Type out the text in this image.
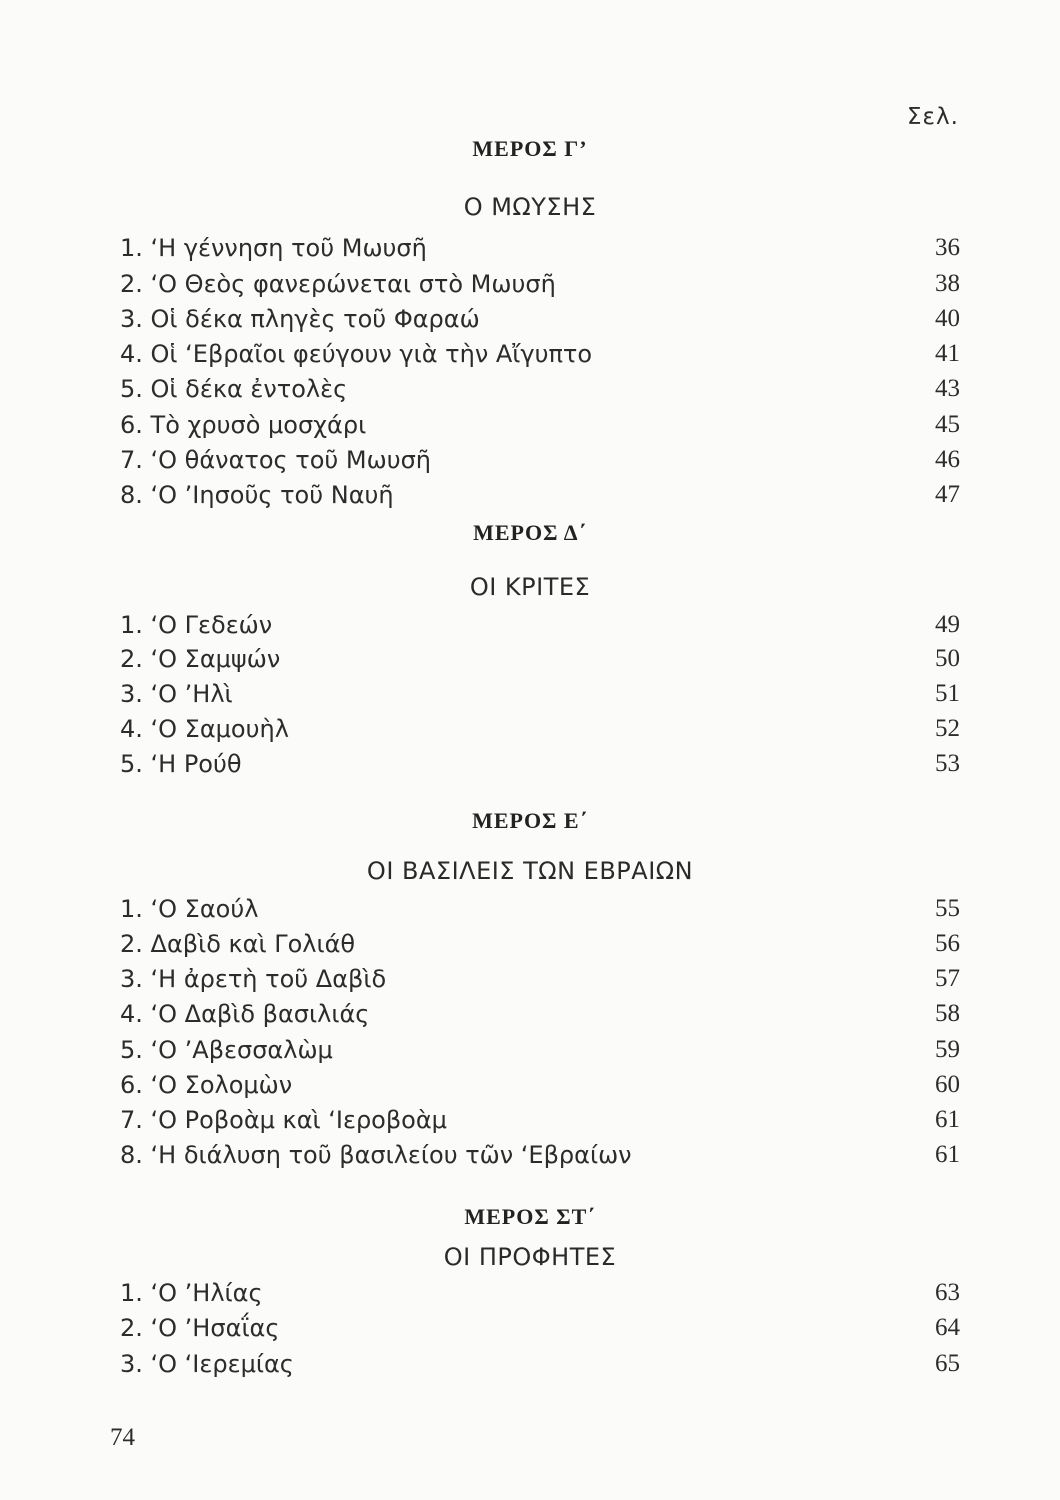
Σελ.
ΜΕΡΟΣ Γ’
Ο ΜΩΥΣΗΣ
1. ‘Η γέννηση τοῦ Μωυσῆ	36
2. ‘Ο Θεὸς φανερώνεται στὸ Μωυσῆ	38
3. Οἱ δέκα πληγὲς τοῦ Φαραώ	40
4. Οἱ ‘Εβραῖοι φεύγουν γιὰ τὴν Αἴγυπτο	41
5. Οἱ δέκα ἐντολὲς	43
6. Τὸ χρυσὸ μοσχάρι	45
7. ‘Ο θάνατος τοῦ Μωυσῆ	46
8. ‘Ο ’Ιησοῦς τοῦ Ναυῆ	47
ΜΕΡΟΣ Δ΄
ΟΙ ΚΡΙΤΕΣ
1. ‘Ο Γεδεών	49
2. ‘Ο Σαμψών	50
3. ‘Ο ’Ηλὶ	51
4. ‘Ο Σαμουὴλ	52
5. ‘Η Ρούθ	53
ΜΕΡΟΣ Ε΄
ΟΙ ΒΑΣΙΛΕΙΣ ΤΩΝ ΕΒΡΑΙΩΝ
1. ‘Ο Σαούλ	55
2. Δαβὶδ καὶ Γολιάθ	56
3. ‘Η ἀρετὴ τοῦ Δαβὶδ	57
4. ‘Ο Δαβὶδ βασιλιάς	58
5. ‘Ο ’Αβεσσαλὼμ	59
6. ‘Ο Σολομὼν	60
7. ‘Ο Ροβοὰμ καὶ ‘Ιεροβοὰμ	61
8. ‘Η διάλυση τοῦ βασιλείου τῶν ‘Εβραίων	61
ΜΕΡΟΣ ΣΤ΄
ΟΙ ΠΡΟΦΗΤΕΣ
1. ‘Ο ’Ηλίας	63
2. ‘Ο ’Ησαΐας	64
3. ‘Ο ‘Ιερεμίας	65
74
